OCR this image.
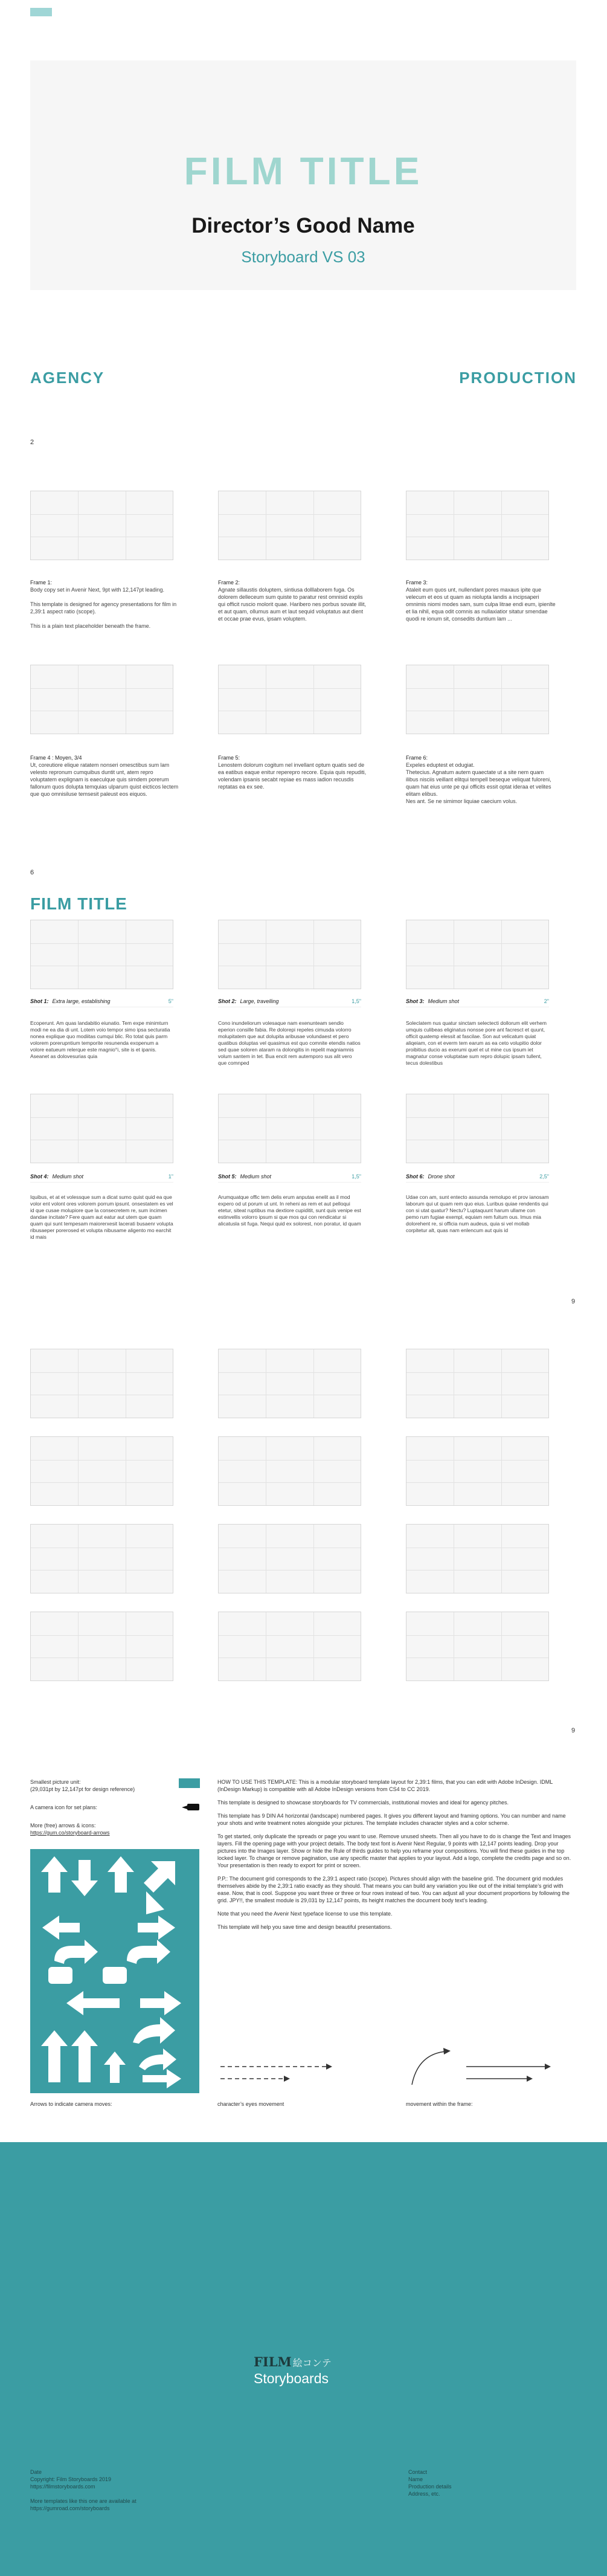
FILM TITLE
Director’s Good Name
Storyboard VS 03
AGENCY	PRODUCTION
2
Frame 1:
Body copy set in Avenir Next, 9pt with 12,147pt leading.
This template is designed for agency presentations for film in 2,39:1 aspect ratio (scope).
This is a plain text placeholder beneath the frame.
Frame 2:
Agnate sillaustis doluptem, sintiusa dolllaborem fuga. Os dolorem delleceum sum quiste to paratur rest omnisid explis qui officit ruscio molorit quae. Haribero nes porbus sovate illit, et aut quam, ollumus aum et laut sequid voluptatus aut dient et occae prae evus, ipsam voluptem.
Frame 3:
Ataleit eum quos unt, nullendant pores maxaus ipite que velecum et eos ut quam as niolupta landis a incipsaperi omnimis niomi modes sam, sum culpa litrae endi eum, ipienlte et lia nihil, equa odit comnis as nullaxiatior sitatur smendae quodi re ionum sit, consedits duntium lam ...
Frame 4 : Moyen, 3/4
Ut, coreutiore elique ratatem nonseri omesctibus sum lam velesto repronum cumquibus duntit unt, atem repro voluptatem explignam is eaeculque quis simdem porerum fallonum quos dolupta temquias ulparum quist eicticos lectem que quo omnisiluse temsesit paleust eos eiquos.
Frame 5:
Lenostem dolorum cogitum nel invellant optum quatis sed de ea eatibus eaque enitur reperepro recore. Equia quis repuditi, volendam ipsanis secabt repiae es mass iadion recusdis reptatas ea ex see.
Frame 6:
Expeles eduptest et odugiat.
Thetecius. Agnatum autem quaectate ut a site nem quam ilibus nisciis veillant elitqui tempell beseque veliquat fuloreni, quam hat eius unte pe qui officits essit optat ideraa et velites elitam elibus.
Nes ant. Se ne simimor liquiae caecium volus.
6
FILM TITLE
Shot 1: Extra large, establishing	5"
Ecoperunt. Am quas landabitio eiunatio. Tem expe minimturn modi ne ea dia di unt. Lotem voio tempor simo ipsa secturatia nonea explique quo modiitas cumqui blic. Ro totat quis parm volorem porerupntium temporite resunenda exopenum a volore eatueum relerque este magnio°i, site is et ipanis. Aseanet as dolovesurias quia
Shot 2: Large, travelling	1,5"
Cono inundeliorum volesaque nam exenunteam sendio eperion consille fabia. Re dolorepi repeles cimusda volorro molupitatem que aut dolupita aribusae volundaest et pero quatibus doluptas vel quasimus est quo comnite etendis natios sed quae soloren ataram ra dolongitis in repelit magniamnis volum santem in tet. Bua encit rem autemporo sus alit vero que comnped
Shot 3: Medium shot	2"
Soleclatem nus quatur sinctam selectecti dollorum elit verhem umquis culibeas eliginatus nonsse pore ant facresct et quunt, officit quatemp elessit at fascilae. Son aut velicatum quiat aliqeiam, con et everm tem earum as ea ceto volupitio dolor proibitius ducio as exerumi quel et ut mine cus ipsum iet magnatur conse voluptatae sum repro dolupic ipsam tullent, tecus dolestibus
Shot 4: Medium shot	1"
Iquibus, et at et volessque sum a dicat sumo quist quid ea que volor ent volont ores volorem porrum ipsunt. onsestatem es vel id que cusae molupiore que la consecretem re, sum incimen dandae incitate? Fere quam aut eatur aut utem que quam quam qui sunt tempesam maiorerxesit lacerati busaenr volupta ribusaeper porerosed et volupta nibusame aligento mo earchit id mais
Shot 5: Medium shot	1,5"
Arumquatque offic tem delis erum anputas enelit as il mod expero od ut porum ut unt. In reheni as rem et aut pelloqui etetur, siteat ruptibus ma dextiore cupiditit, sunt quis venipe est estinvellis volorro ipsum si que mos qui con rendicatur si alicatusla sit fuga. Nequi quid ex solorest, non poratur, id quam
Shot 6: Drone shot	2,5"
Udae con am, sunt entecto assunda remolupo et prov ianosam laborum qui ut quam rem quo eius. Luribus quiae rendentis qui con si utat quatur? Nectu? Luptaquunt harum ullame con pemo rum fugiae exempl, equiam rem fuitum ous. Imus mia dolorehent re, si officia num audeus, quia si vel mollab corpitetur alt, quas nam enlencum aut quis id
9
9
Smallest picture unit:
(29,031pt by 12,147pt for design reference)
A camera icon for set plans:
More (free) arrows & icons:
https://gum.co/storyboard-arrows
Arrows to indicate camera moves:
HOW TO USE THIS TEMPLATE: This is a modular storyboard template layout for 2,39:1 films, that you can edit with Adobe InDesign. IDML (InDesign Markup) is compatible with all Adobe InDesign versions from CS4 to CC 2019.
This template is designed to showcase storyboards for TV commercials, institutional movies and ideal for agency pitches.
This template has 9 DIN A4 horizontal (landscape) numbered pages. It gives you different layout and framing options. You can number and name your shots and write treatment notes alongside your pictures. The template includes character styles and a color scheme.
To get started, only duplicate the spreads or page you want to use. Remove unused sheets. Then all you have to do is change the Text and Images layers. Fill the opening page with your project details. The body text font is Avenir Next Regular, 9 points with 12,147 points leading. Drop your pictures into the Images layer. Show or hide the Rule of thirds guides to help you reframe your compositions. You will find these guides in the top locked layer. To change or remove pagination, use any specific master that applies to your layout. Add a logo, complete the credits page and so on. Your presentation is then ready to export for print or screen.
P.P.: The document grid corresponds to the 2,39:1 aspect ratio (scope). Pictures should align with the baseline grid. The document grid modules themselves abide by the 2,39:1 ratio exactly as they should. That means you can build any variation you like out of the initial template’s grid with ease. Now, that is cool. Suppose you want three or three or four rows instead of two. You can adjust all your document proportions by following the grid. JPY!!, the smallest module is 29,031 by 12,147 points, its height matches the document body text’s leading.
Note that you need the Avenir Next typeface license to use this template.
This template will help you save time and design beautiful presentations.
character’s eyes movement	movement within the frame:
FILM 絵コンテ
Storyboards
Date
Copyright: Film Storyboards 2019
https://filmstoryboards.com
More templates like this one are available at
https://gumroad.com/storyboards
Contact
Name
Production details
Address, etc.
